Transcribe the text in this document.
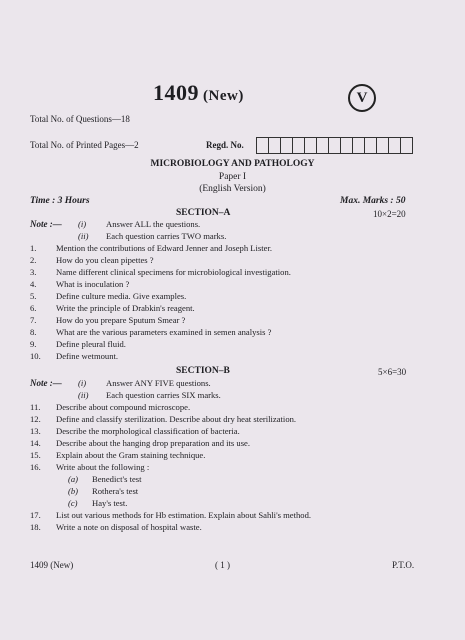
1409 (New)	V
Total No. of Questions—18
Total No. of Printed Pages—2	Regd. No.
MICROBIOLOGY AND PATHOLOGY
Paper I
(English Version)
Time : 3 Hours	Max. Marks : 50
SECTION–A	10×2=20
Note :— (i) Answer ALL the questions.
(ii) Each question carries TWO marks.
1. Mention the contributions of Edward Jenner and Joseph Lister.
2. How do you clean pipettes ?
3. Name different clinical specimens for microbiological investigation.
4. What is inoculation ?
5. Define culture media. Give examples.
6. Write the principle of Drabkin's reagent.
7. How do you prepare Sputum Smear ?
8. What are the various parameters examined in semen analysis ?
9. Define pleural fluid.
10. Define wetmount.
SECTION–B	5×6=30
Note :— (i) Answer ANY FIVE questions.
(ii) Each question carries SIX marks.
11. Describe about compound microscope.
12. Define and classify sterilization. Describe about dry heat sterilization.
13. Describe the morphological classification of bacteria.
14. Describe about the hanging drop preparation and its use.
15. Explain about the Gram staining technique.
16. Write about the following :
(a) Benedict's test
(b) Rothera's test
(c) Hay's test.
17. List out various methods for Hb estimation. Explain about Sahli's method.
18. Write a note on disposal of hospital waste.
1409 (New)	( 1 )	P.T.O.
